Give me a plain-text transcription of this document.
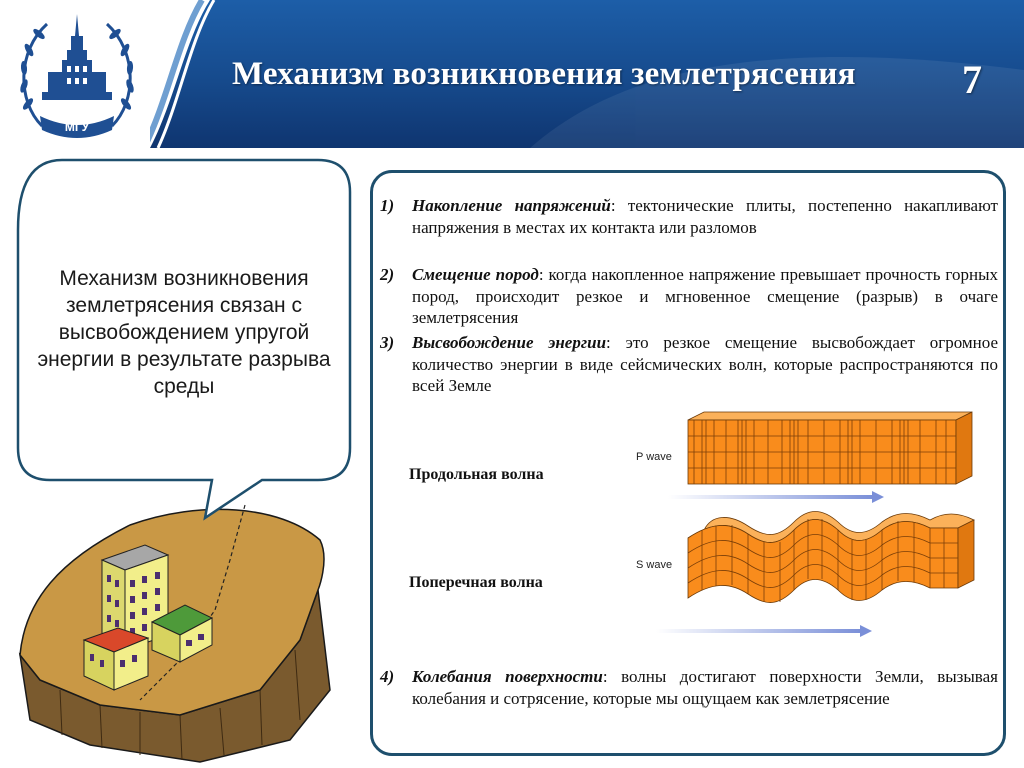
МГУ
Механизм возникновения землетрясения	7
Механизм возникновения землетрясения связан с высвобождением упругой энергии в результате разрыва среды
1) Накопление напряжений: тектонические плиты, постепенно накапливают напряжения в местах их контакта или разломов
2) Смещение пород: когда накопленное напряжение превышает прочность горных пород, происходит резкое и мгновенное смещение (разрыв) в очаге землетрясения
3) Высвобождение энергии: это резкое смещение высвобождает огромное количество энергии в виде сейсмических волн, которые распространяются по всей Земле
4) Колебания поверхности: волны достигают поверхности Земли, вызывая колебания и сотрясение, которые мы ощущаем как землетрясение
Продольная волна
Поперечная волна
P wave
S wave
